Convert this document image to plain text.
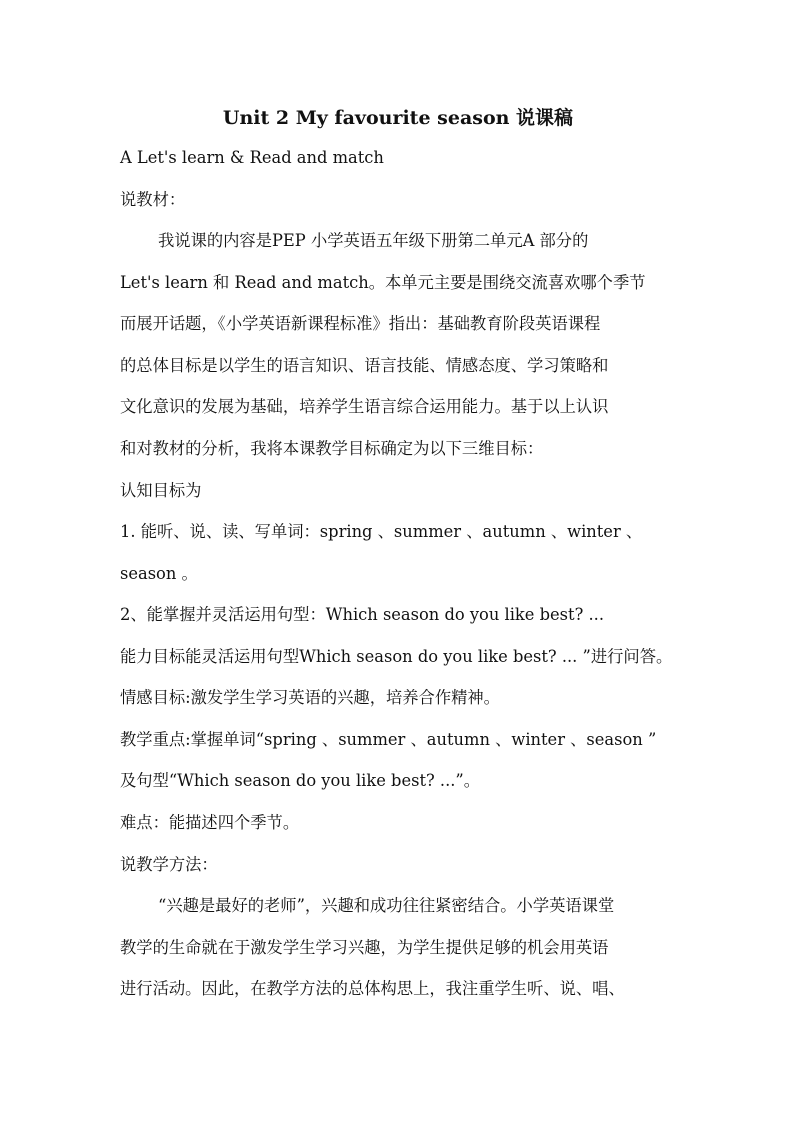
Unit 2 My favourite season 说课稿
A Let's learn & Read and match
说教材：
我说课的内容是PEP 小学英语五年级下册第二单元A 部分的
Let's learn 和 Read and match。本单元主要是围绕交流喜欢哪个季节
而展开话题，《小学英语新课程标准》指出：基础教育阶段英语课程
的总体目标是以学生的语言知识、语言技能、情感态度、学习策略和
文化意识的发展为基础，培养学生语言综合运用能力。基于以上认识
和对教材的分析，我将本课教学目标确定为以下三维目标：
认知目标为
1. 能听、说、读、写单词：spring 、summer 、autumn 、winter 、
season 。
2、能掌握并灵活运用句型：Which season do you like best? ...
能力目标能灵活运用句型Which season do you like best? ... ”进行问答。
情感目标:激发学生学习英语的兴趣，培养合作精神。
教学重点:掌握单词“spring 、summer 、autumn 、winter 、season ”
及句型“Which season do you like best? ...”。
难点：能描述四个季节。
说教学方法：
“兴趣是最好的老师”，兴趣和成功往往紧密结合。小学英语课堂
教学的生命就在于激发学生学习兴趣，为学生提供足够的机会用英语
进行活动。因此，在教学方法的总体构思上，我注重学生听、说、唱、
